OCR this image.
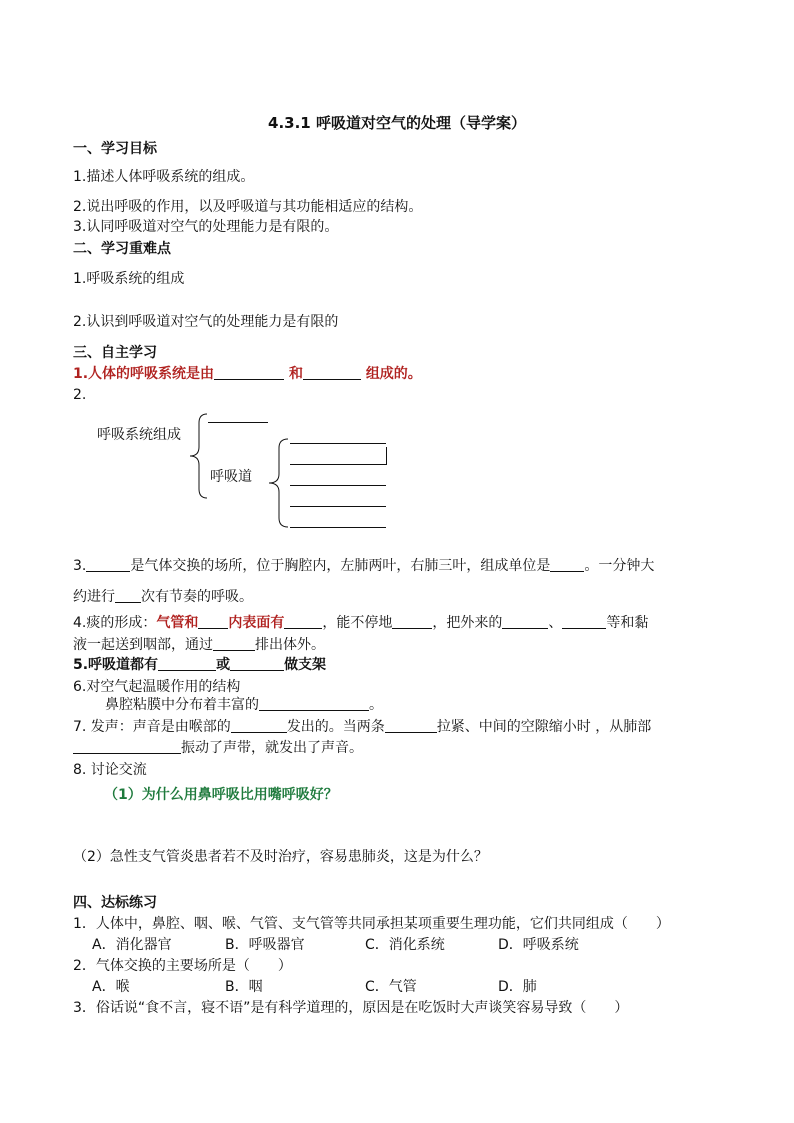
4.3.1 呼吸道对空气的处理（导学案）
一、学习目标
1.描述人体呼吸系统的组成。
2.说出呼吸的作用，以及呼吸道与其功能相适应的结构。
3.认同呼吸道对空气的处理能力是有限的。
二、学习重难点
1.呼吸系统的组成
2.认识到呼吸道对空气的处理能力是有限的
三、自主学习
1.人体的呼吸系统是由	和	组成的。
2.
呼吸系统组成
呼吸道
3.	是气体交换的场所，位于胸腔内，左肺两叶，右肺三叶，组成单位是 。一分钟大
约进行 次有节奏的呼吸。
4.痰的形成：气管和 内表面有	，能不停地	，把外来的	、	等和黏
液一起送到咽部，通过	排出体外。
5.呼吸道都有	或	做支架
6.对空气起温暖作用的结构
鼻腔粘膜中分布着丰富的	。
7. 发声：声音是由喉部的	发出的。当两条	拉紧、中间的空隙缩小时 ，从肺部
振动了声带，就发出了声音。
8. 讨论交流
（1）为什么用鼻呼吸比用嘴呼吸好？
（2）急性支气管炎患者若不及时治疗，容易患肺炎，这是为什么？
四、达标练习
1．人体中，鼻腔、咽、喉、气管、支气管等共同承担某项重要生理功能，它们共同组成（　　）
A．消化器官	B．呼吸器官	C．消化系统	D．呼吸系统
2．气体交换的主要场所是（　　）
A．喉	B．咽	C．气管	D．肺
3．俗话说“食不言，寝不语”是有科学道理的，原因是在吃饭时大声谈笑容易导致（　　）
